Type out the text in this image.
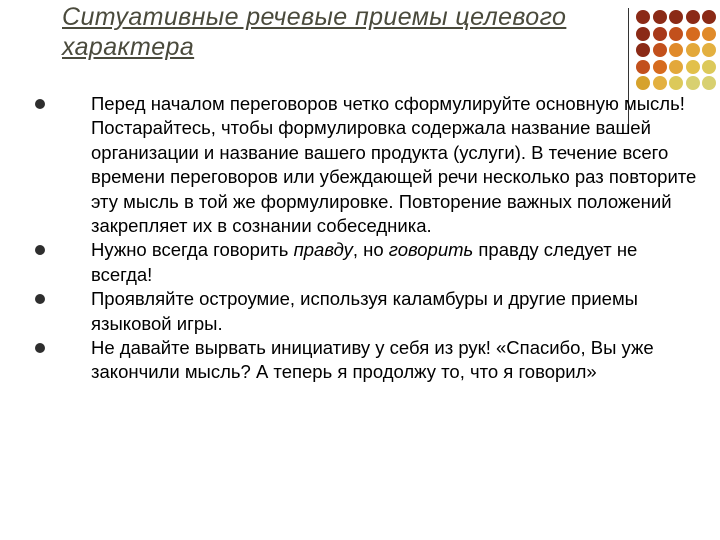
Ситуативные речевые приемы целевого характера
Перед началом переговоров четко сформулируйте основную мысль! Постарайтесь, чтобы формулировка содержала название вашей организации и название вашего продукта (услуги). В течение всего времени переговоров или убеждающей речи несколько раз повторите эту мысль в той же формулировке. Повторение важных положений закрепляет их в сознании собеседника.
Нужно всегда говорить правду, но говорить правду следует не всегда!
Проявляйте остроумие, используя каламбуры и другие приемы языковой игры.
Не давайте вырвать инициативу у себя из рук! «Спасибо, Вы уже закончили мысль? А теперь я продолжу то, что я говорил»
